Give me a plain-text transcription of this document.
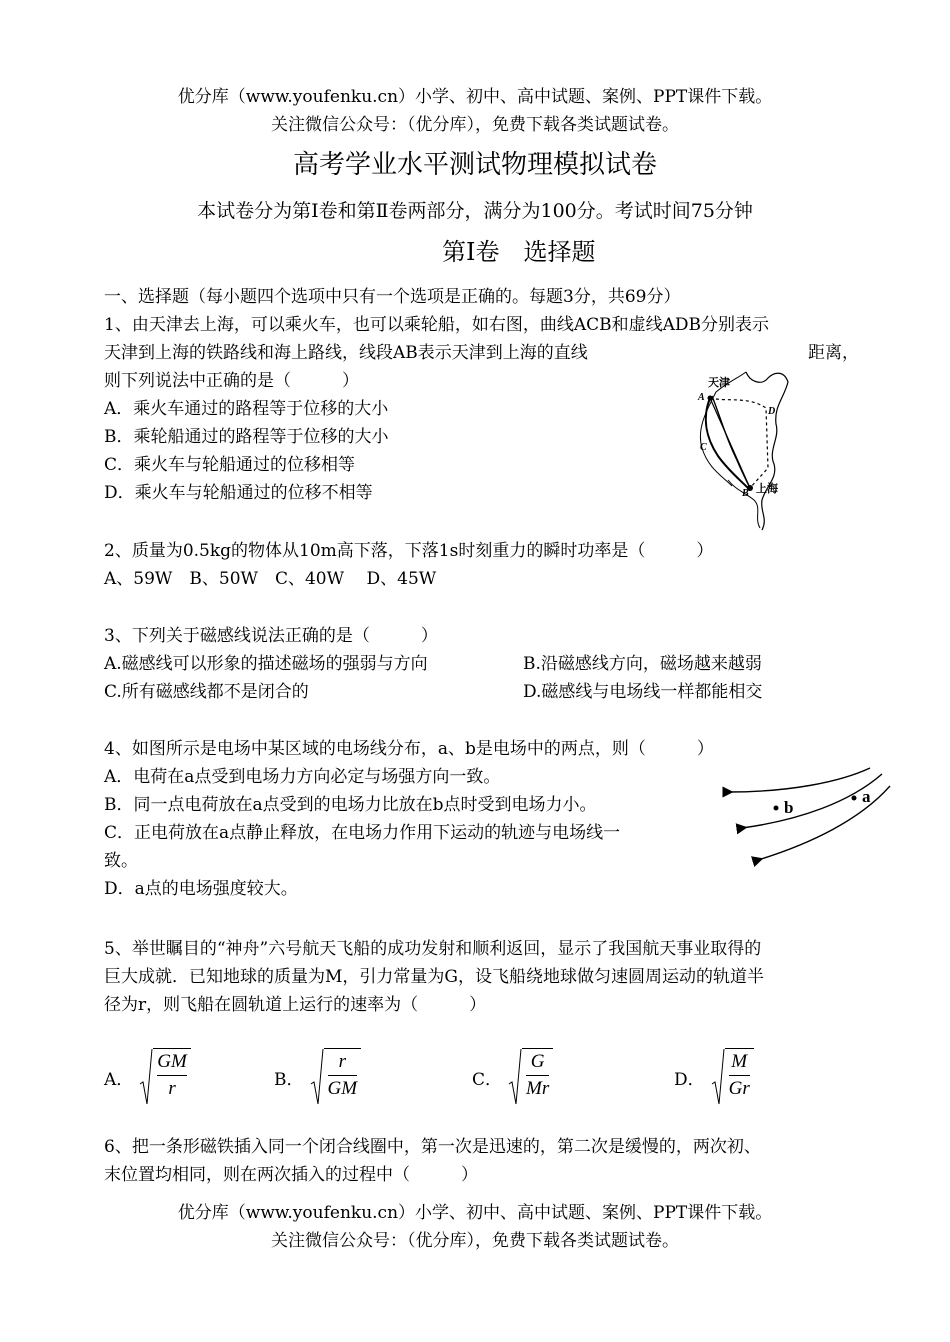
优分库（www.youfenku.cn）小学、初中、高中试题、案例、PPT课件下载。
关注微信公众号：（优分库），免费下载各类试题试卷。
高考学业水平测试物理模拟试卷
本试卷分为第Ⅰ卷和第Ⅱ卷两部分，满分为100分。考试时间75分钟
第Ⅰ卷　选择题
一、选择题（每小题四个选项中只有一个选项是正确的。每题3分，共69分）
1、由天津去上海，可以乘火车，也可以乘轮船，如右图，曲线ACB和虚线ADB分别表示
天津到上海的铁路线和海上路线，线段AB表示天津到上海的直线	距离，
则下列说法中正确的是（　　　）
A．乘火车通过的路程等于位移的大小
B．乘轮船通过的路程等于位移的大小
C．乘火车与轮船通过的位移相等
D．乘火车与轮船通过的位移不相等
天津
A
D
C
B 上海
2、质量为0.5kg的物体从10m高下落，下落1s时刻重力的瞬时功率是（　　　）
A、59W　B、50W　C、40W　 D、45W
3、下列关于磁感线说法正确的是（　　　）
A.磁感线可以形象的描述磁场的强弱与方向	B.沿磁感线方向，磁场越来越弱
C.所有磁感线都不是闭合的	D.磁感线与电场线一样都能相交
4、如图所示是电场中某区域的电场线分布，a、b是电场中的两点，则（　　　）
A．电荷在a点受到电场力方向必定与场强方向一致。
B．同一点电荷放在a点受到的电场力比放在b点时受到电场力小。
C．正电荷放在a点静止释放，在电场力作用下运动的轨迹与电场线一
致。
D．a点的电场强度较大。
b
a
5、举世瞩目的“神舟”六号航天飞船的成功发射和顺利返回，显示了我国航天事业取得的
巨大成就．已知地球的质量为M，引力常量为G，设飞船绕地球做匀速圆周运动的轨道半
径为r，则飞船在圆轨道上运行的速率为（　　　）
A． $\frac{GM}{r}$	B． $\frac{r}{GM}$	C． $\frac{G}{Mr}$	D． $\frac{M}{Gr}$
6、把一条形磁铁插入同一个闭合线圈中，第一次是迅速的，第二次是缓慢的，两次初、
末位置均相同，则在两次插入的过程中（　　　）
优分库（www.youfenku.cn）小学、初中、高中试题、案例、PPT课件下载。
关注微信公众号：（优分库），免费下载各类试题试卷。
